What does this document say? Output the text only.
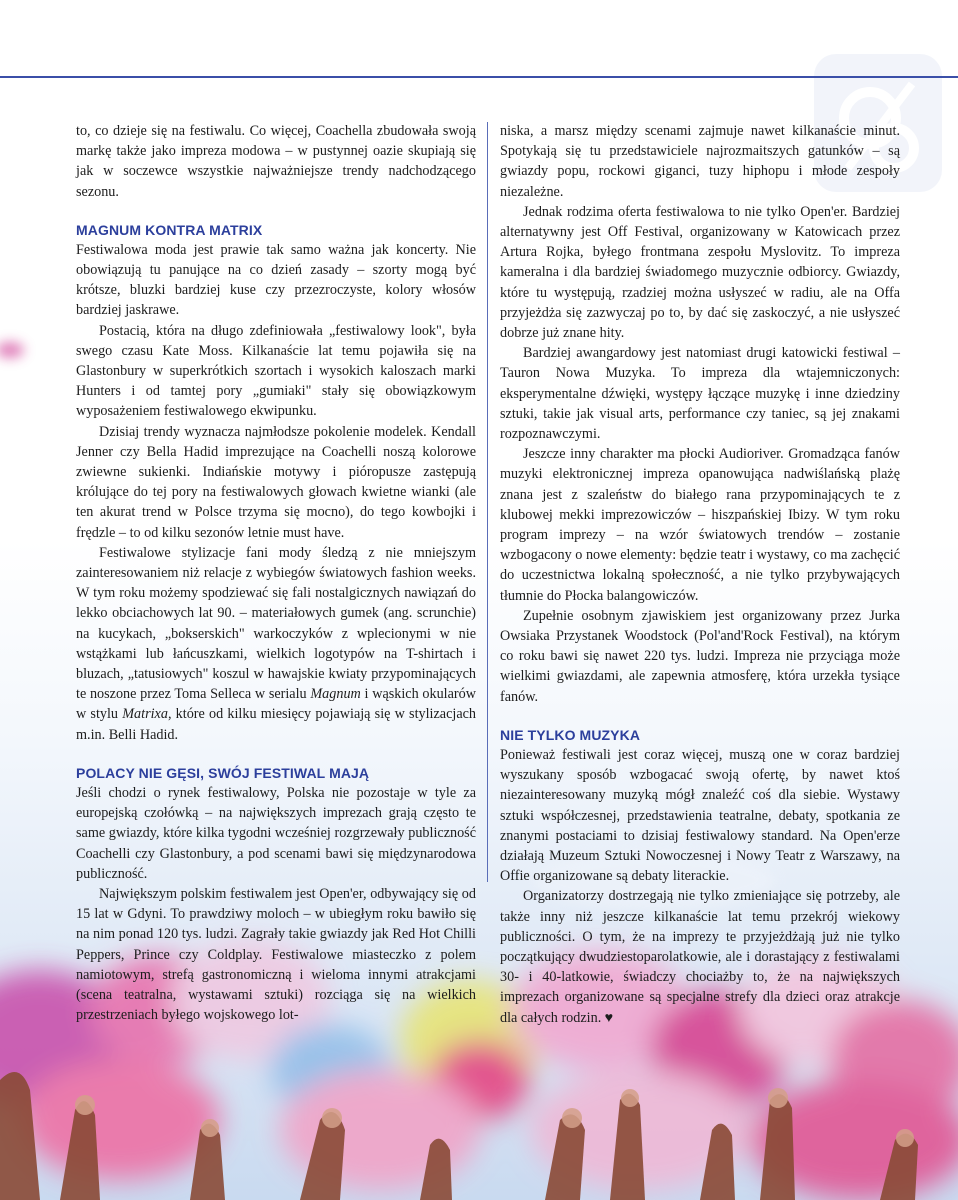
to, co dzieje się na festiwalu. Co więcej, Coachella zbudowała swoją markę także jako impreza modowa – w pustynnej oazie skupiają się jak w soczewce wszystkie najważniejsze trendy nadchodzącego sezonu.

MAGNUM KONTRA MATRIX

Festiwalowa moda jest prawie tak samo ważna jak koncerty. Nie obowiązują tu panujące na co dzień zasady – szorty mogą być krótsze, bluzki bardziej kuse czy przezroczyste, kolory włosów bardziej jaskrawe.

Postacią, która na długo zdefiniowała „festiwalowy look", była swego czasu Kate Moss. Kilkanaście lat temu pojawiła się na Glastonbury w superkrótkich szortach i wysokich kaloszach marki Hunters i od tamtej pory „gumiaki" stały się obowiązkowym wyposażeniem festiwalowego ekwipunku.

Dzisiaj trendy wyznacza najmłodsze pokolenie modelek. Kendall Jenner czy Bella Hadid imprezujące na Coachelli noszą kolorowe zwiewne sukienki. Indiańskie motywy i pióropusze zastępują królujące do tej pory na festiwalowych głowach kwietne wianki (ale ten akurat trend w Polsce trzyma się mocno), do tego kowbojki i frędzle – to od kilku sezonów letnie must have.

Festiwalowe stylizacje fani mody śledzą z nie mniejszym zainteresowaniem niż relacje z wybiegów światowych fashion weeks. W tym roku możemy spodziewać się fali nostalgicznych nawiązań do lekko obciachowych lat 90. – materiałowych gumek (ang. scrunchie) na kucykach, „bokserskich" warkoczyków z wplecionymi w nie wstążkami lub łańcuszkami, wielkich logotypów na T-shirtach i bluzach, „tatusiowych" koszul w hawajskie kwiaty przypominających te noszone przez Toma Selleca w serialu Magnum i wąskich okularów w stylu Matrixa, które od kilku miesięcy pojawiają się w stylizacjach m.in. Belli Hadid.

POLACY NIE GĘSI, SWÓJ FESTIWAL MAJĄ

Jeśli chodzi o rynek festiwalowy, Polska nie pozostaje w tyle za europejską czołówką – na największych imprezach grają często te same gwiazdy, które kilka tygodni wcześniej rozgrzewały publiczność Coachelli czy Glastonbury, a pod scenami bawi się międzynarodowa publiczność.

Największym polskim festiwalem jest Open'er, odbywający się od 15 lat w Gdyni. To prawdziwy moloch – w ubiegłym roku bawiło się na nim ponad 120 tys. ludzi. Zagrały takie gwiazdy jak Red Hot Chilli Peppers, Prince czy Coldplay. Festiwalowe miasteczko z polem namiotowym, strefą gastronomiczną i wieloma innymi atrakcjami (scena teatralna, wystawami sztuki) rozciąga się na wielkich przestrzeniach byłego wojskowego lot-

niska, a marsz między scenami zajmuje nawet kilkanaście minut. Spotykają się tu przedstawiciele najrozmaitszych gatunków – są gwiazdy popu, rockowi giganci, tuzy hiphopu i młode zespoły niezależne.

Jednak rodzima oferta festiwalowa to nie tylko Open'er. Bardziej alternatywny jest Off Festival, organizowany w Katowicach przez Artura Rojka, byłego frontmana zespołu Myslovitz. To impreza kameralna i dla bardziej świadomego muzycznie odbiorcy. Gwiazdy, które tu występują, rzadziej można usłyszeć w radiu, ale na Offa przyjeżdża się zazwyczaj po to, by dać się zaskoczyć, a nie usłyszeć dobrze już znane hity.

Bardziej awangardowy jest natomiast drugi katowicki festiwal – Tauron Nowa Muzyka. To impreza dla wtajemniczonych: eksperymentalne dźwięki, występy łączące muzykę i inne dziedziny sztuki, takie jak visual arts, performance czy taniec, są jej znakami rozpoznawczymi.

Jeszcze inny charakter ma płocki Audioriver. Gromadząca fanów muzyki elektronicznej impreza opanowująca nadwiślańską plażę znana jest z szaleństw do białego rana przypominających te z klubowej mekki imprezowiczów – hiszpańskiej Ibizy. W tym roku program imprezy – na wzór światowych trendów – zostanie wzbogacony o nowe elementy: będzie teatr i wystawy, co ma zachęcić do uczestnictwa lokalną społeczność, a nie tylko przybywających tłumnie do Płocka balangowiczów.

Zupełnie osobnym zjawiskiem jest organizowany przez Jurka Owsiaka Przystanek Woodstock (Pol'and'Rock Festival), na którym co roku bawi się nawet 220 tys. ludzi. Impreza nie przyciąga może wielkimi gwiazdami, ale zapewnia atmosferę, która urzekła tysiące fanów.

NIE TYLKO MUZYKA

Ponieważ festiwali jest coraz więcej, muszą one w coraz bardziej wyszukany sposób wzbogacać swoją ofertę, by nawet ktoś niezainteresowany muzyką mógł znaleźć coś dla siebie. Wystawy sztuki współczesnej, przedstawienia teatralne, debaty, spotkania ze znanymi postaciami to dzisiaj festiwalowy standard. Na Open'erze działają Muzeum Sztuki Nowoczesnej i Nowy Teatr z Warszawy, na Offie organizowane są debaty literackie.

Organizatorzy dostrzegają nie tylko zmieniające się potrzeby, ale także inny niż jeszcze kilkanaście lat temu przekrój wiekowy publiczności. O tym, że na imprezy te przyjeżdżają już nie tylko początkujący dwudziestoparolatkowie, ale i dorastający z festiwalami 30- i 40-latkowie, świadczy chociażby to, że na największych imprezach organizowane są specjalne strefy dla dzieci oraz atrakcje dla całych rodzin. ♥
